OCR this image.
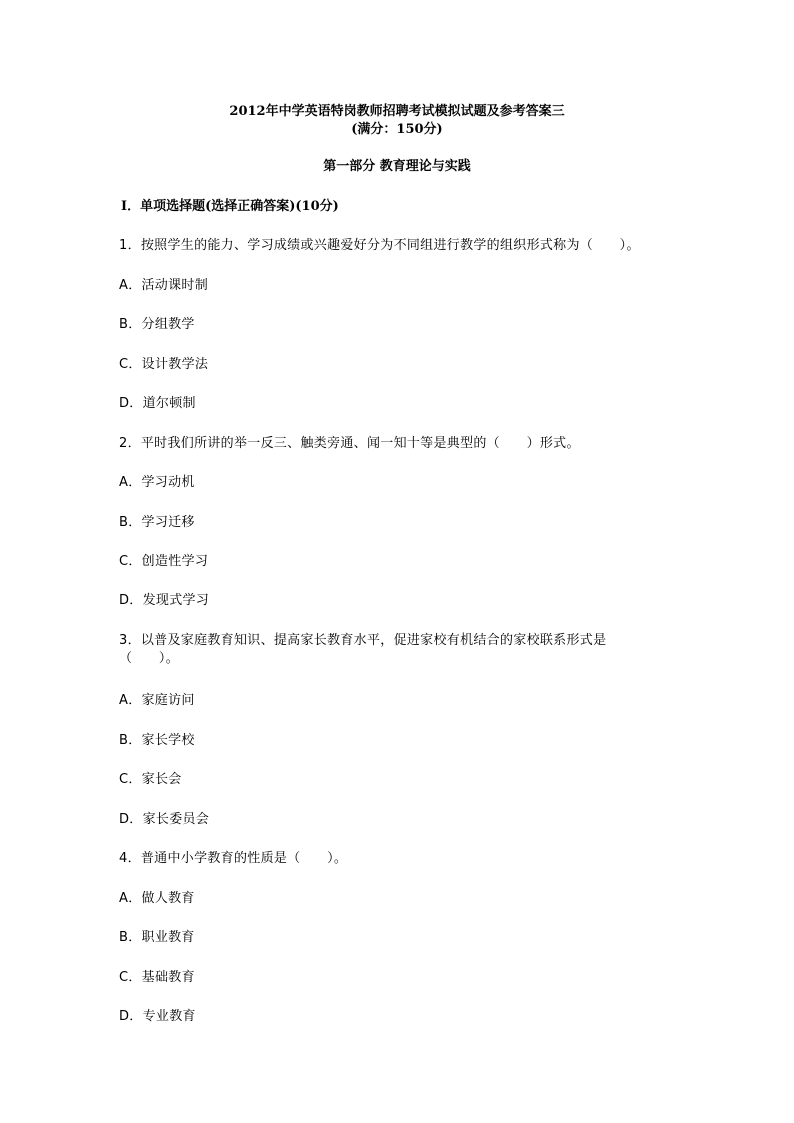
2012年中学英语特岗教师招聘考试模拟试题及参考答案三
(满分：150分)
第一部分 教育理论与实践
Ⅰ．单项选择题(选择正确答案)(10分)
1．按照学生的能力、学习成绩或兴趣爱好分为不同组进行教学的组织形式称为（　　）。
A．活动课时制
B．分组教学
C．设计教学法
D．道尔顿制
2．平时我们所讲的举一反三、触类旁通、闻一知十等是典型的（　　）形式。
A．学习动机
B．学习迁移
C．创造性学习
D．发现式学习
3．以普及家庭教育知识、提高家长教育水平，促进家校有机结合的家校联系形式是（　　）。
A．家庭访问
B．家长学校
C．家长会
D．家长委员会
4．普通中小学教育的性质是（　　）。
A．做人教育
B．职业教育
C．基础教育
D．专业教育
